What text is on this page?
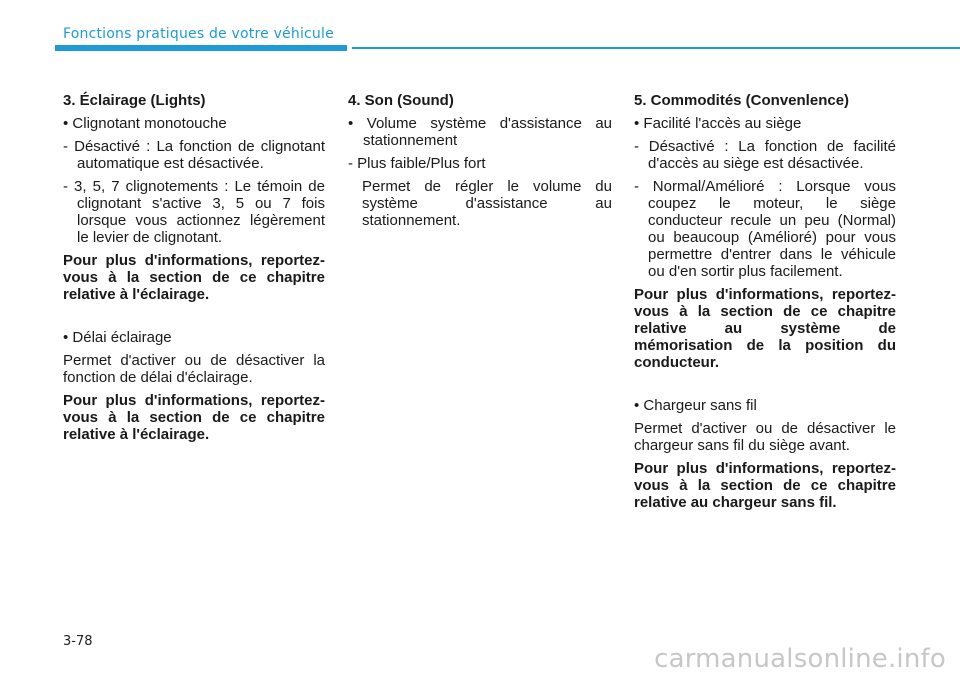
Fonctions pratiques de votre véhicule

3. Éclairage (Lights)

• Clignotant monotouche

- Désactivé : La fonction de clignotant automatique est désactivée.

- 3, 5, 7 clignotements : Le témoin de clignotant s'active 3, 5 ou 7 fois lorsque vous actionnez légèrement le levier de clignotant.

Pour plus d'informations, reportez-vous à la section de ce chapitre relative à l'éclairage.

• Délai éclairage

Permet d'activer ou de désactiver la fonction de délai d'éclairage.

Pour plus d'informations, reportez-vous à la section de ce chapitre relative à l'éclairage.

4. Son (Sound)

• Volume système d'assistance au stationnement

- Plus faible/Plus fort

Permet de régler le volume du système d'assistance au stationnement.

5. Commodités (Convenlence)

• Facilité l'accès au siège

- Désactivé : La fonction de facilité d'accès au siège est désactivée.

- Normal/Amélioré : Lorsque vous coupez le moteur, le siège conducteur recule un peu (Normal) ou beaucoup (Amélioré) pour vous permettre d'entrer dans le véhicule ou d'en sortir plus facilement.

Pour plus d'informations, reportez-vous à la section de ce chapitre relative au système de mémorisation de la position du conducteur.

• Chargeur sans fil

Permet d'activer ou de désactiver le chargeur sans fil du siège avant.

Pour plus d'informations, reportez-vous à la section de ce chapitre relative au chargeur sans fil.

3-78
carmanualsonline.info
